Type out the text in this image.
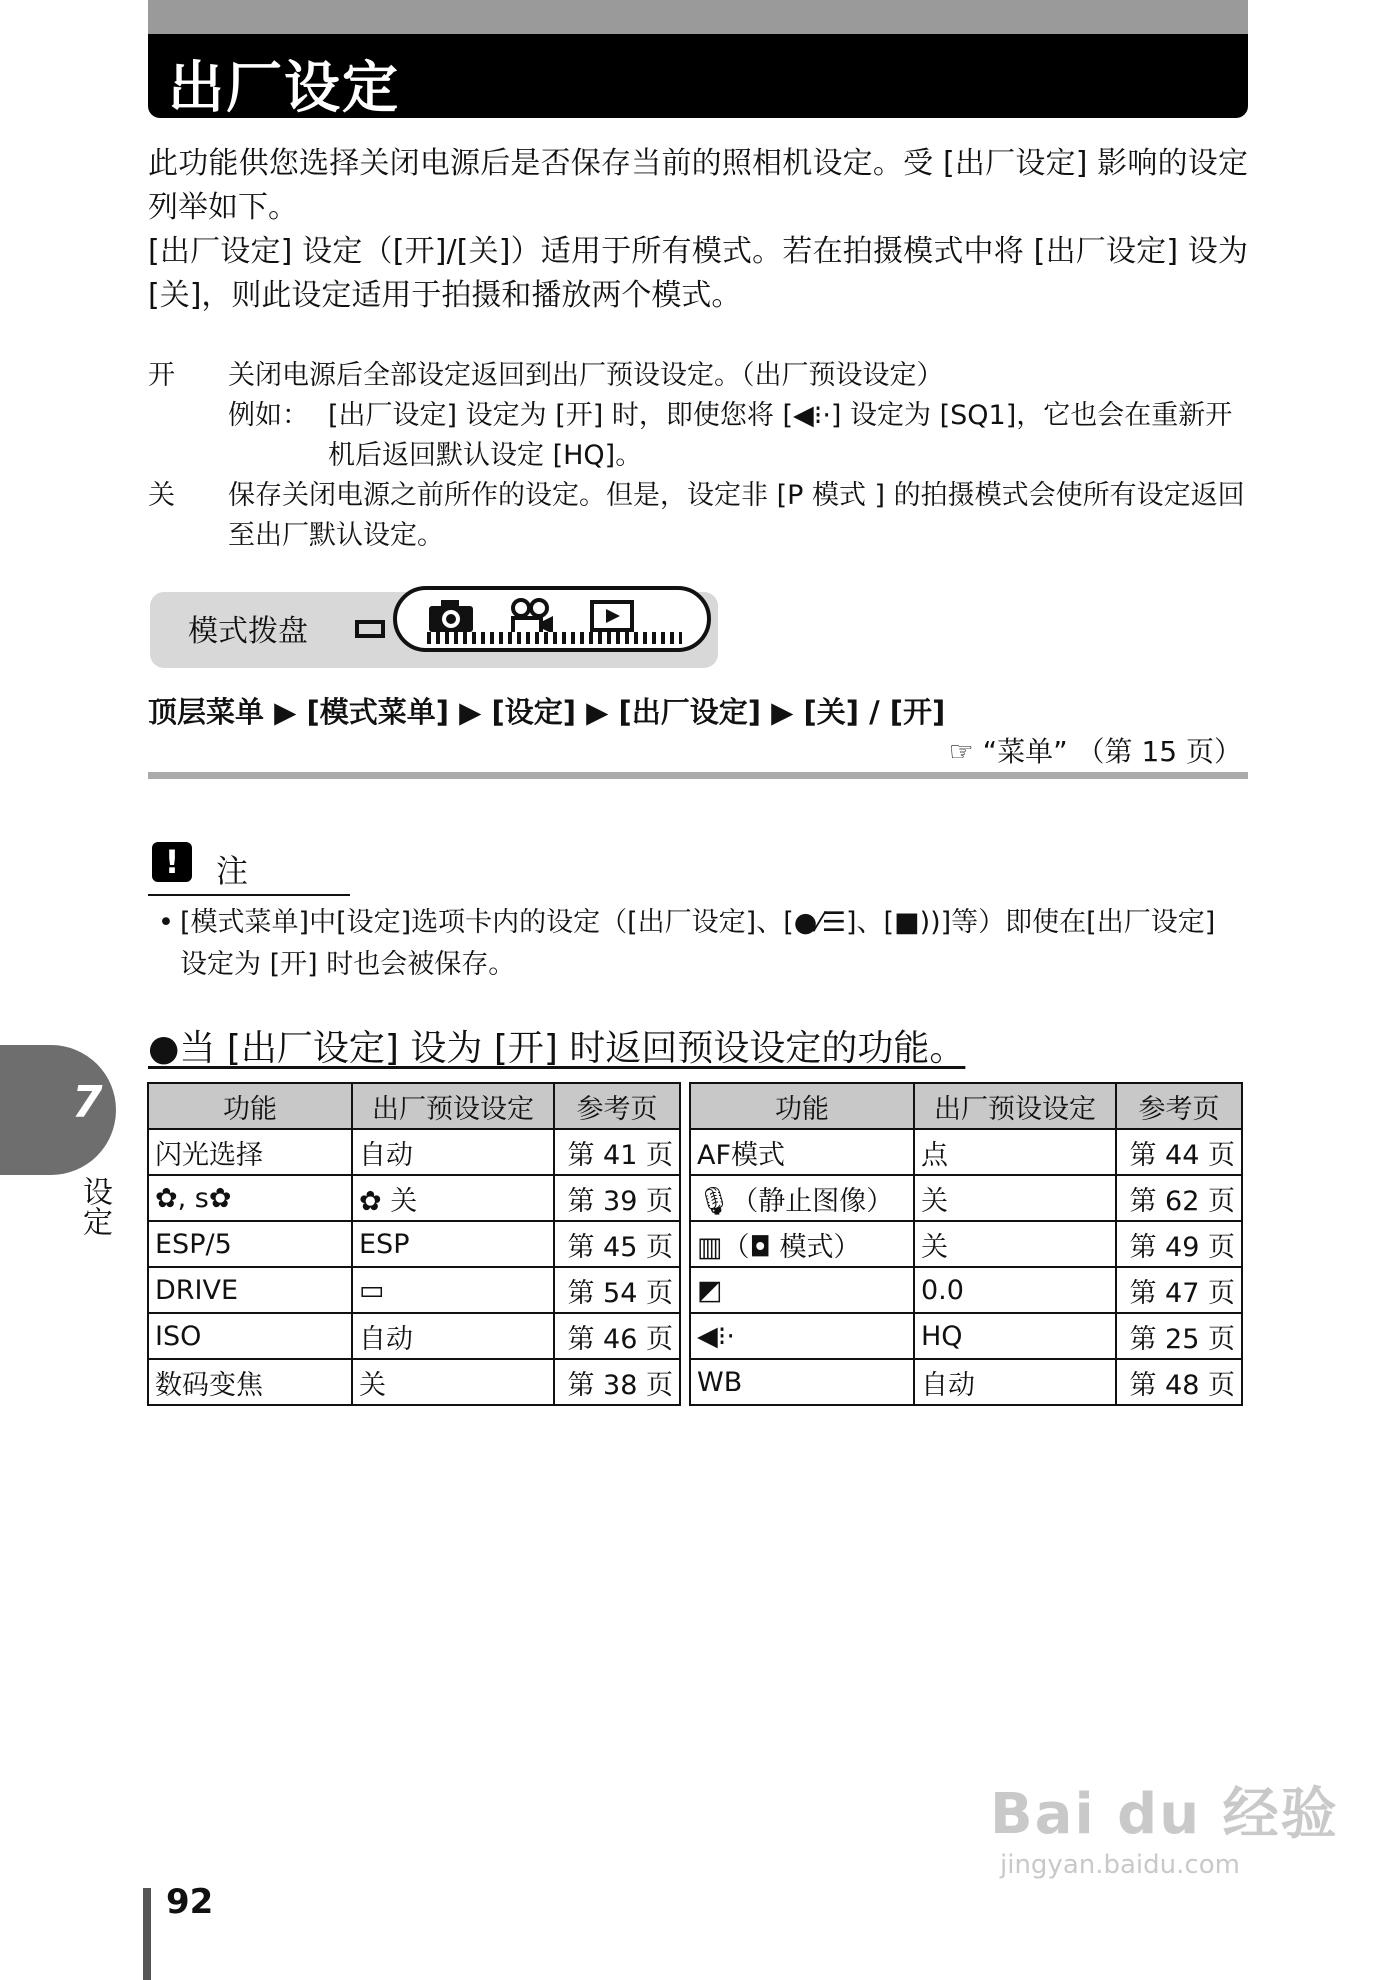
出厂设定
此功能供您选择关闭电源后是否保存当前的照相机设定。受 [出厂设定] 影响的设定列举如下。
[出厂设定] 设定（[开]/[关]）适用于所有模式。若在拍摄模式中将 [出厂设定] 设为 [关]，则此设定适用于拍摄和播放两个模式。
开	关闭电源后全部设定返回到出厂预设设定。（出厂预设设定）
例如： [出厂设定] 设定为 [开] 时，即使您将 [◀⁝·] 设定为 [SQ1]，它也会在重新开机后返回默认设定 [HQ]。
关	保存关闭电源之前所作的设定。但是，设定非 [P 模式 ] 的拍摄模式会使所有设定返回至出厂默认设定。
模式拨盘
顶层菜单 ▶ [模式菜单] ▶ [设定] ▶ [出厂设定] ▶ [关] / [开]
☞ “菜单” （第 15 页）
!	注
• [模式菜单]中[设定]选项卡内的设定（[出厂设定]、[●⁄☰]、[■))]等）即使在[出厂设定] 设定为 [开] 时也会被保存。
●当 [出厂设定] 设为 [开] 时返回预设设定的功能。
功能	出厂预设设定	参考页
闪光选择	自动	第 41 页
✿, s✿	✿ 关	第 39 页
ESP/5	ESP	第 45 页
DRIVE	▭	第 54 页
ISO	自动	第 46 页
数码变焦	关	第 38 页
功能	出厂预设设定	参考页
AF模式	点	第 44 页
🎙（静止图像）	关	第 62 页
▥（◘ 模式）	关	第 49 页
◩	0.0	第 47 页
◀⁝·	HQ	第 25 页
WB	自动	第 48 页
7
设定
92
Bai du 经验
jingyan.baidu.com
